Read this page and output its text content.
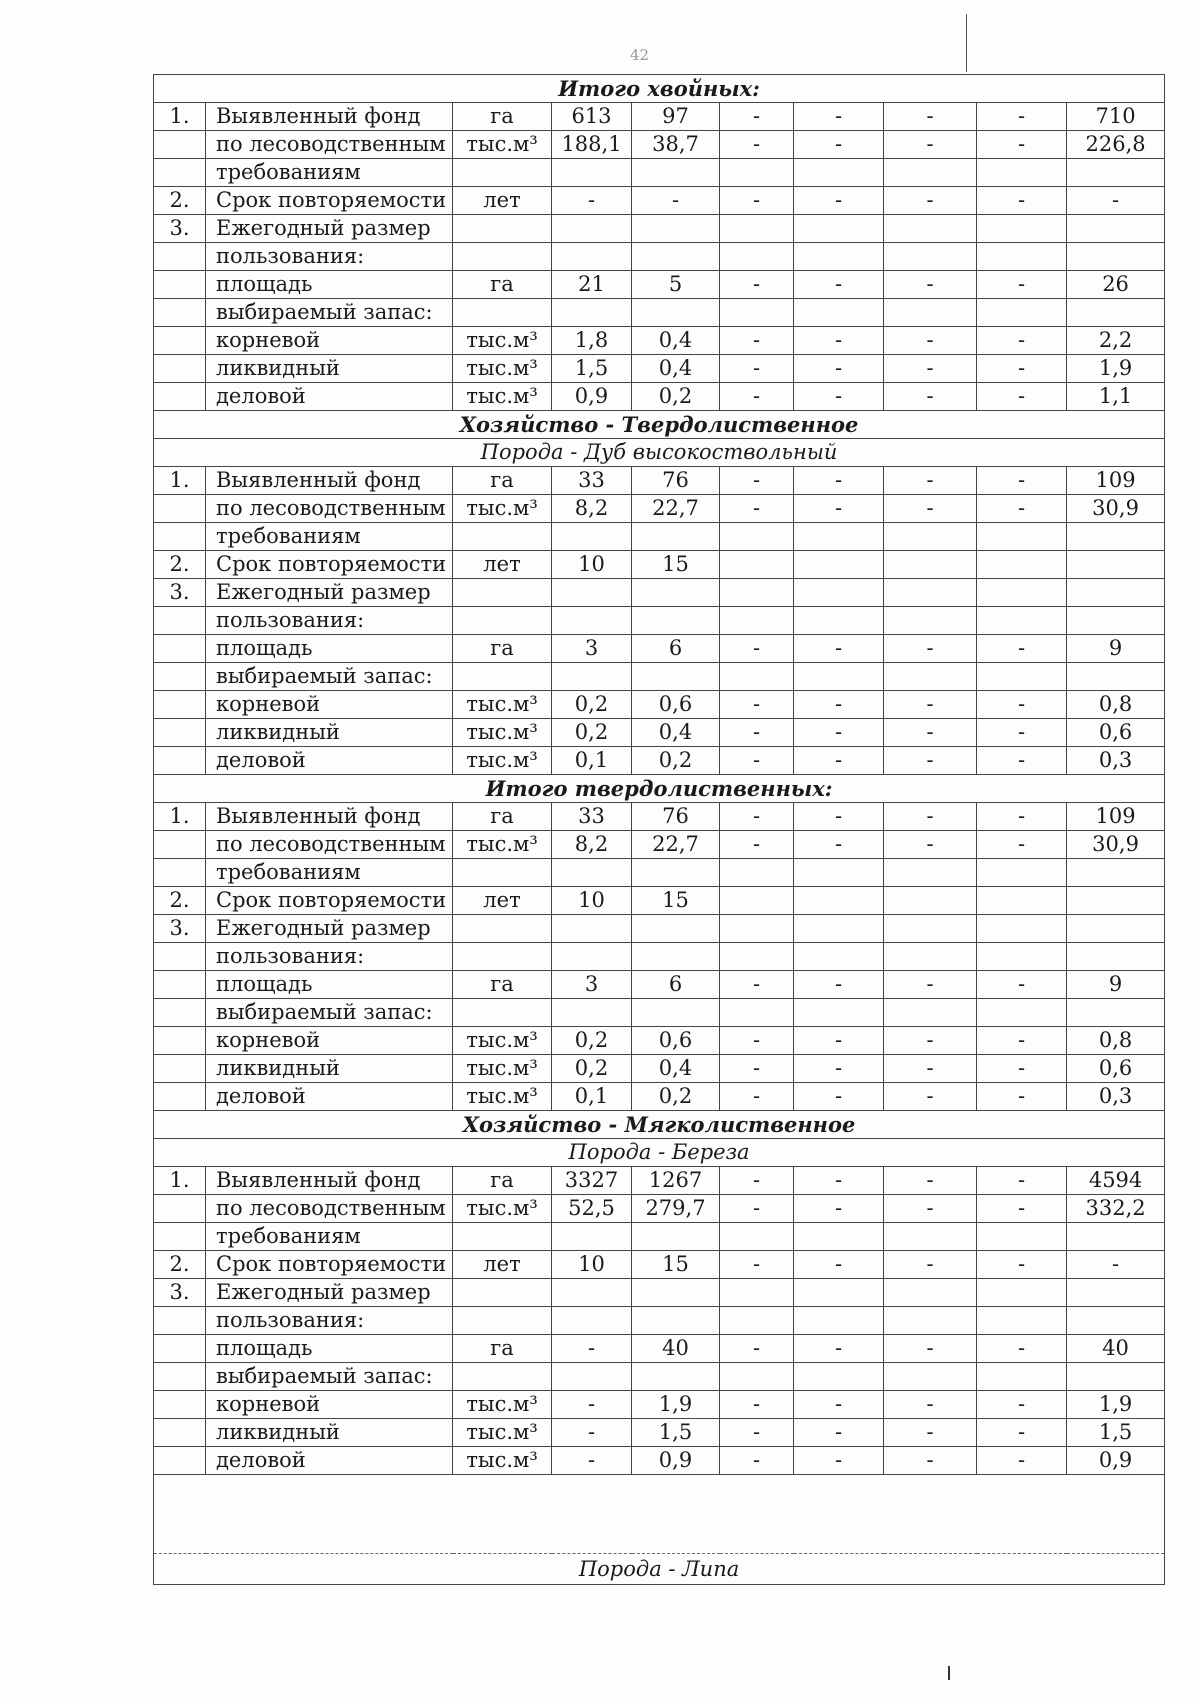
42
Итого хвойных:									
1.	Выявленный фонд	га	613	97	-	-	-	-	710
	по лесоводственным	тыс.м³	188,1	38,7	-	-	-	-	226,8
	требованиям								
2.	Срок повторяемости	лет	-	-	-	-	-	-	-
3.	Ежегодный размер								
	пользования:								
	площадь	га	21	5	-	-	-	-	26
	выбираемый запас:								
	корневой	тыс.м³	1,8	0,4	-	-	-	-	2,2
	ликвидный	тыс.м³	1,5	0,4	-	-	-	-	1,9
	деловой	тыс.м³	0,9	0,2	-	-	-	-	1,1
Хозяйство - Твердолиственное									
Порода - Дуб высокоствольный									
1.	Выявленный фонд	га	33	76	-	-	-	-	109
	по лесоводственным	тыс.м³	8,2	22,7	-	-	-	-	30,9
	требованиям								
2.	Срок повторяемости	лет	10	15					
3.	Ежегодный размер								
	пользования:								
	площадь	га	3	6	-	-	-	-	9
	выбираемый запас:								
	корневой	тыс.м³	0,2	0,6	-	-	-	-	0,8
	ликвидный	тыс.м³	0,2	0,4	-	-	-	-	0,6
	деловой	тыс.м³	0,1	0,2	-	-	-	-	0,3
Итого твердолиственных:									
1.	Выявленный фонд	га	33	76	-	-	-	-	109
	по лесоводственным	тыс.м³	8,2	22,7	-	-	-	-	30,9
	требованиям								
2.	Срок повторяемости	лет	10	15					
3.	Ежегодный размер								
	пользования:								
	площадь	га	3	6	-	-	-	-	9
	выбираемый запас:								
	корневой	тыс.м³	0,2	0,6	-	-	-	-	0,8
	ликвидный	тыс.м³	0,2	0,4	-	-	-	-	0,6
	деловой	тыс.м³	0,1	0,2	-	-	-	-	0,3
Хозяйство - Мягколиственное									
Порода - Береза									
1.	Выявленный фонд	га	3327	1267	-	-	-	-	4594
	по лесоводственным	тыс.м³	52,5	279,7	-	-	-	-	332,2
	требованиям								
2.	Срок повторяемости	лет	10	15	-	-	-	-	-
3.	Ежегодный размер								
	пользования:								
	площадь	га	-	40	-	-	-	-	40
	выбираемый запас:								
	корневой	тыс.м³	-	1,9	-	-	-	-	1,9
	ликвидный	тыс.м³	-	1,5	-	-	-	-	1,5
	деловой	тыс.м³	-	0,9	-	-	-	-	0,9

Порода - Липа									
